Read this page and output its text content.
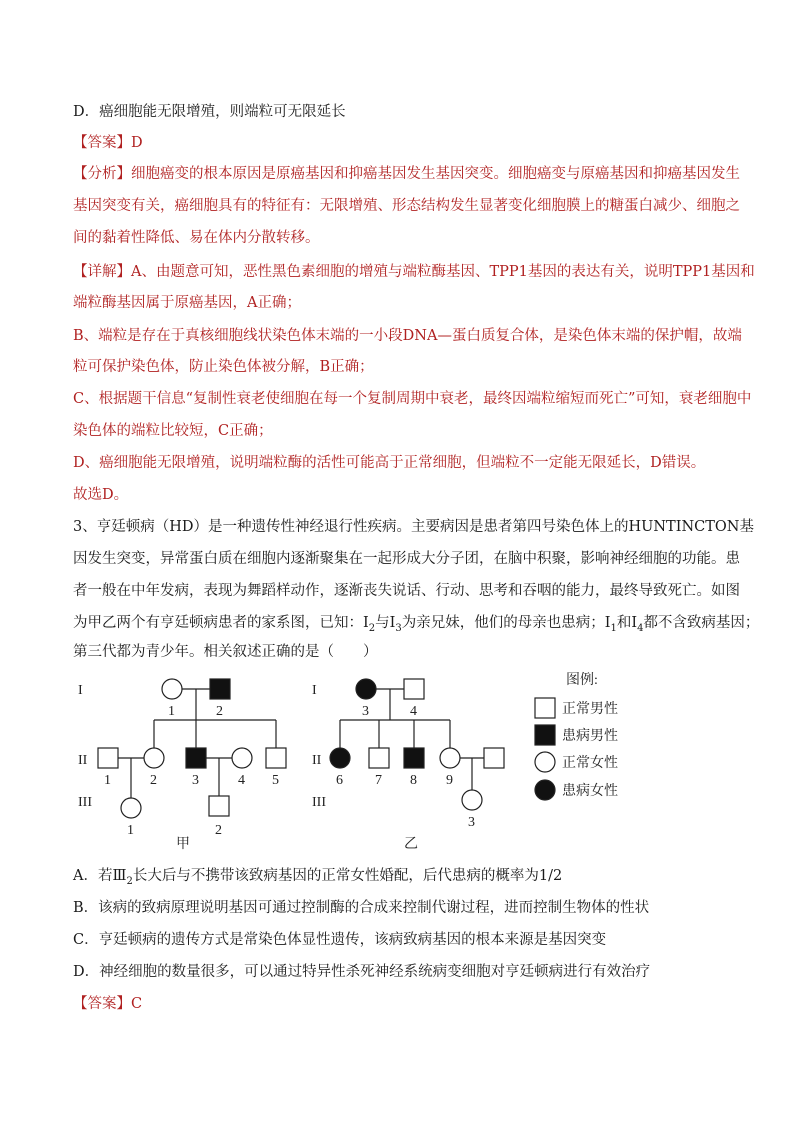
D．癌细胞能无限增殖，则端粒可无限延长
【答案】D
【分析】细胞癌变的根本原因是原癌基因和抑癌基因发生基因突变。细胞癌变与原癌基因和抑癌基因发生
基因突变有关，癌细胞具有的特征有：无限增殖、形态结构发生显著变化细胞膜上的糖蛋白减少、细胞之
间的黏着性降低、易在体内分散转移。
【详解】A、由题意可知，恶性黑色素细胞的增殖与端粒酶基因、TPP1基因的表达有关，说明TPP1基因和
端粒酶基因属于原癌基因，A正确；
B、端粒是存在于真核细胞线状染色体末端的一小段DNA—蛋白质复合体，是染色体末端的保护帽，故端
粒可保护染色体，防止染色体被分解，B正确；
C、根据题干信息“复制性衰老使细胞在每一个复制周期中衰老，最终因端粒缩短而死亡”可知，衰老细胞中
染色体的端粒比较短，C正确；
D、癌细胞能无限增殖，说明端粒酶的活性可能高于正常细胞，但端粒不一定能无限延长，D错误。
故选D。
3、亨廷顿病（HD）是一种遗传性神经退行性疾病。主要病因是患者第四号染色体上的HUNTINCTON基
因发生突变，异常蛋白质在细胞内逐渐聚集在一起形成大分子团，在脑中积聚，影响神经细胞的功能。患
者一般在中年发病，表现为舞蹈样动作，逐渐丧失说话、行动、思考和吞咽的能力，最终导致死亡。如图
为甲乙两个有亨廷顿病患者的家系图，已知：$I_2$与$I_3$为亲兄妹，他们的母亲也患病；$I_1$和$I_4$都不含致病基因；
第三代都为青少年。相关叙述正确的是（　　）
I
II
III
1	2
1	2	3	4 5
1	2
甲
I
II
III
3	4
6 7 8 9
3
乙
图例:
正常男性
患病男性
正常女性
患病女性
A．若$Ⅲ_2$长大后与不携带该致病基因的正常女性婚配，后代患病的概率为1/2
B．该病的致病原理说明基因可通过控制酶的合成来控制代谢过程，进而控制生物体的性状
C．亨廷顿病的遗传方式是常染色体显性遗传，该病致病基因的根本来源是基因突变
D．神经细胞的数量很多，可以通过特异性杀死神经系统病变细胞对亨廷顿病进行有效治疗
【答案】C
